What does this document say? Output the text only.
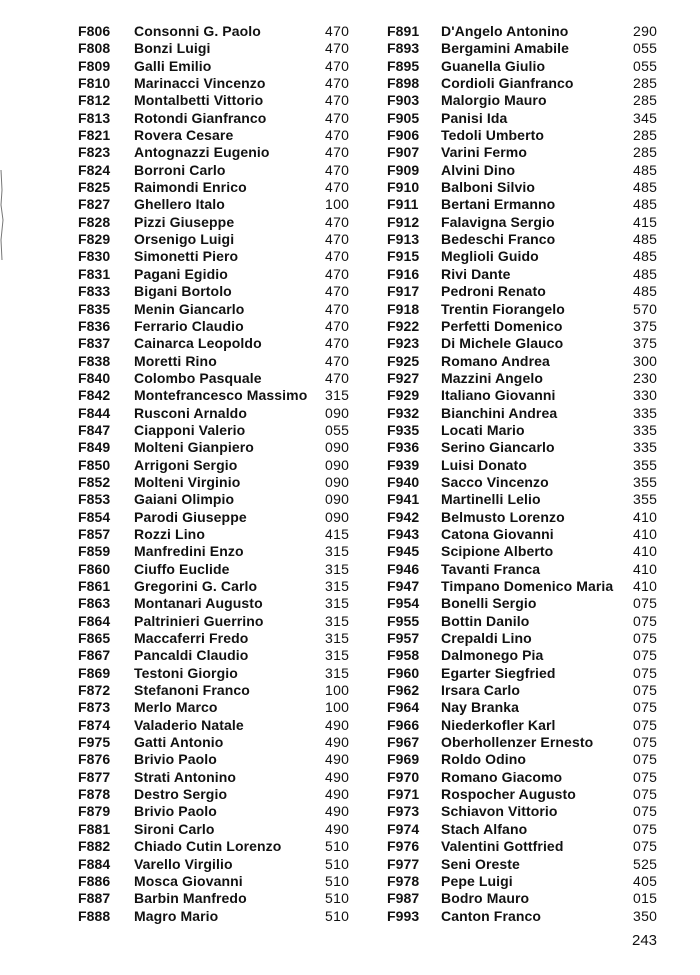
F806 Consonni G. Paolo	470
F808 Bonzi Luigi	470
F809 Galli Emilio	470
F810 Marinacci Vincenzo	470
F812 Montalbetti Vittorio	470
F813 Rotondi Gianfranco	470
F821 Rovera Cesare	470
F823 Antognazzi Eugenio	470
F824 Borroni Carlo	470
F825 Raimondi Enrico	470
F827 Ghellero Italo	100
F828 Pizzi Giuseppe	470
F829 Orsenigo Luigi	470
F830 Simonetti Piero	470
F831 Pagani Egidio	470
F833 Bigani Bortolo	470
F835 Menin Giancarlo	470
F836 Ferrario Claudio	470
F837 Cainarca Leopoldo	470
F838 Moretti Rino	470
F840 Colombo Pasquale	470
F842 Montefrancesco Massimo 315
F844 Rusconi Arnaldo	090
F847 Ciapponi Valerio	055
F849 Molteni Gianpiero	090
F850 Arrigoni Sergio	090
F852 Molteni Virginio	090
F853 Gaiani Olimpio	090
F854 Parodi Giuseppe	090
F857 Rozzi Lino	415
F859 Manfredini Enzo	315
F860 Ciuffo Euclide	315
F861 Gregorini G. Carlo	315
F863 Montanari Augusto	315
F864 Paltrinieri Guerrino	315
F865 Maccaferri Fredo	315
F867 Pancaldi Claudio	315
F869 Testoni Giorgio	315
F872 Stefanoni Franco	100
F873 Merlo Marco	100
F874 Valaderio Natale	490
F975 Gatti Antonio	490
F876 Brivio Paolo	490
F877 Strati Antonino	490
F878 Destro Sergio	490
F879 Brivio Paolo	490
F881 Sironi Carlo	490
F882 Chiado Cutin Lorenzo	510
F884 Varello Virgilio	510
F886 Mosca Giovanni	510
F887 Barbin Manfredo	510
F888 Magro Mario	510
F891 D'Angelo Antonino	290
F893 Bergamini Amabile	055
F895 Guanella Giulio	055
F898 Cordioli Gianfranco	285
F903 Malorgio Mauro	285
F905 Panisi Ida	345
F906 Tedoli Umberto	285
F907 Varini Fermo	285
F909 Alvini Dino	485
F910 Balboni Silvio	485
F911 Bertani Ermanno	485
F912 Falavigna Sergio	415
F913 Bedeschi Franco	485
F915 Meglioli Guido	485
F916 Rivi Dante	485
F917 Pedroni Renato	485
F918 Trentin Fiorangelo	570
F922 Perfetti Domenico	375
F923 Di Michele Glauco	375
F925 Romano Andrea	300
F927 Mazzini Angelo	230
F929 Italiano Giovanni	330
F932 Bianchini Andrea	335
F935 Locati Mario	335
F936 Serino Giancarlo	335
F939 Luisi Donato	355
F940 Sacco Vincenzo	355
F941 Martinelli Lelio	355
F942 Belmusto Lorenzo	410
F943 Catona Giovanni	410
F945 Scipione Alberto	410
F946 Tavanti Franca	410
F947 Timpano Domenico Maria 410
F954 Bonelli Sergio	075
F955 Bottin Danilo	075
F957 Crepaldi Lino	075
F958 Dalmonego Pia	075
F960 Egarter Siegfried	075
F962 Irsara Carlo	075
F964 Nay Branka	075
F966 Niederkofler Karl	075
F967 Oberhollenzer Ernesto	075
F969 Roldo Odino	075
F970 Romano Giacomo	075
F971 Rospocher Augusto	075
F973 Schiavon Vittorio	075
F974 Stach Alfano	075
F976 Valentini Gottfried	075
F977 Seni Oreste	525
F978 Pepe Luigi	405
F987 Bodro Mauro	015
F993 Canton Franco	350
243
